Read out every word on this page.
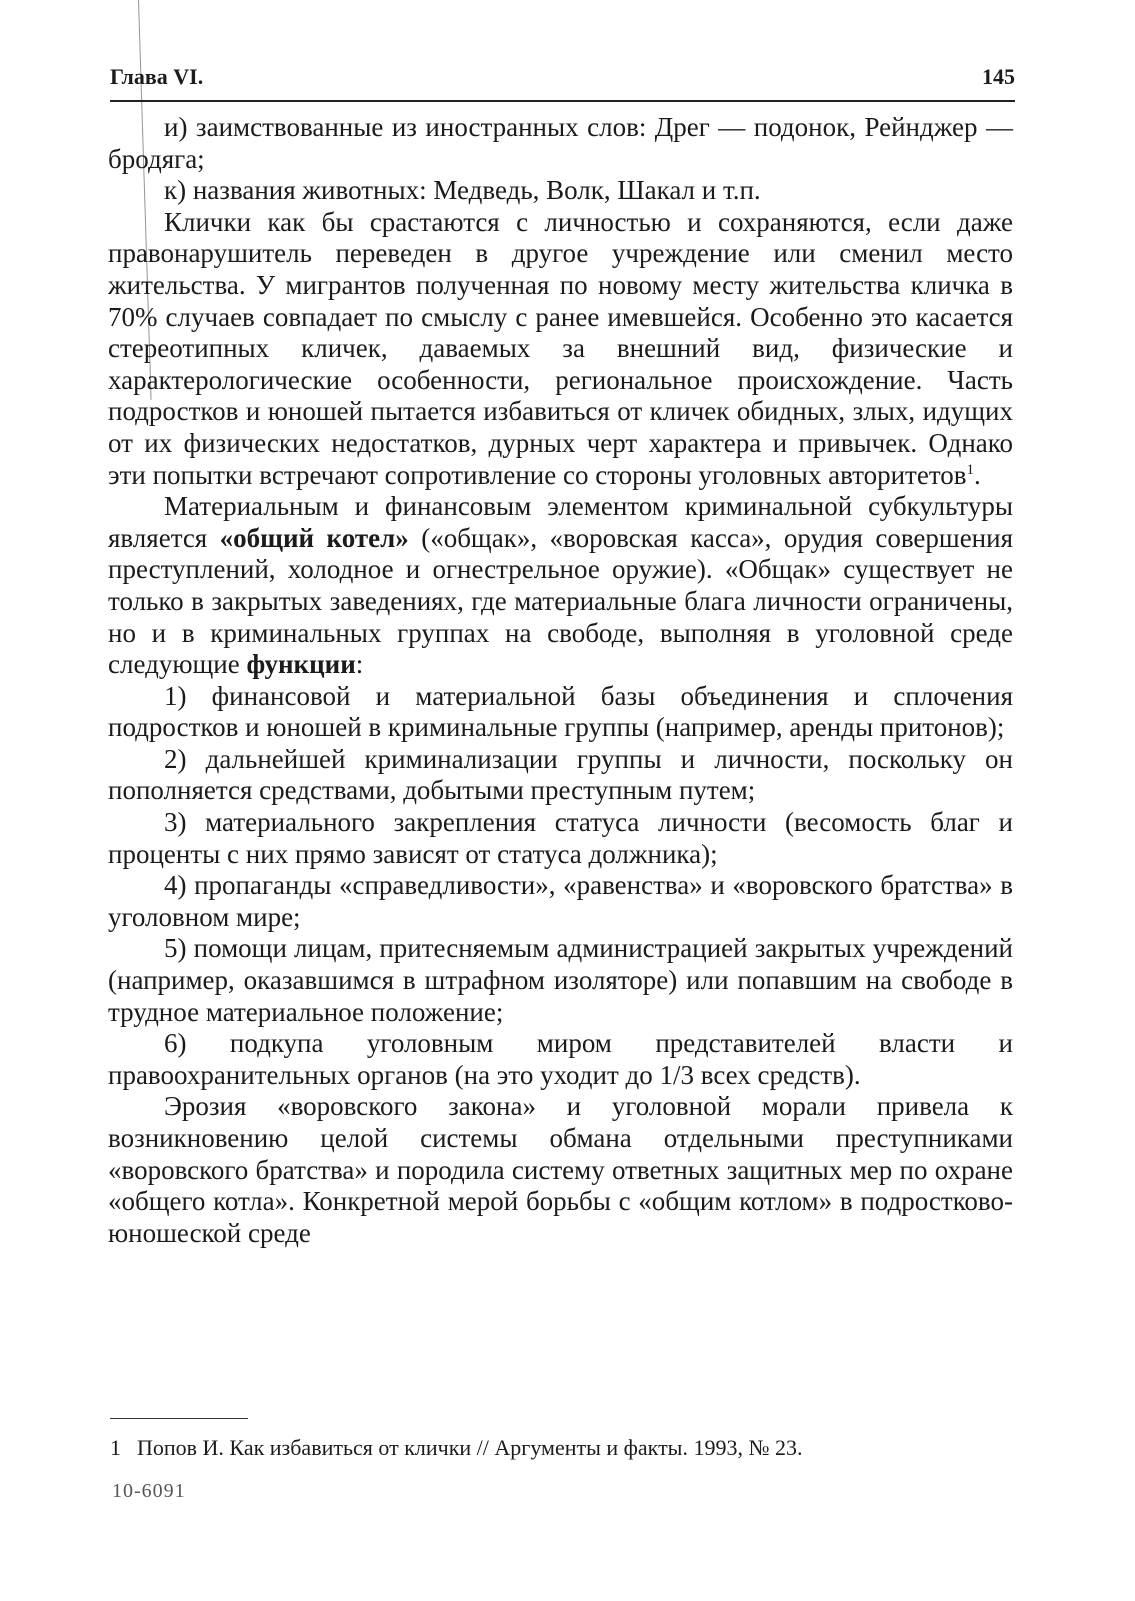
Глава VI.	145

и) заимствованные из иностранных слов: Дрег — подонок, Рейнджер — бродяга;

к) названия животных: Медведь, Волк, Шакал и т.п.

Клички как бы срастаются с личностью и сохраняются, если даже правонарушитель переведен в другое учреждение или сменил место жительства. У мигрантов полученная по новому месту жительства кличка в 70% случаев совпадает по смыслу с ранее имевшейся. Особенно это касается стереотипных кличек, даваемых за внешний вид, физические и характерологические особенности, региональное происхождение. Часть подростков и юношей пытается избавиться от кличек обидных, злых, идущих от их физических недостатков, дурных черт характера и привычек. Однако эти попытки встречают сопротивление со стороны уголовных авторитетов$^1$.

Материальным и финансовым элементом криминальной субкультуры является «общий котел» («общак», «воровская касса», орудия совершения преступлений, холодное и огнестрельное оружие). «Общак» существует не только в закрытых заведениях, где материальные блага личности ограничены, но и в криминальных группах на свободе, выполняя в уголовной среде следующие функции:

1) финансовой и материальной базы объединения и сплочения подростков и юношей в криминальные группы (например, аренды притонов);

2) дальнейшей криминализации группы и личности, поскольку он пополняется средствами, добытыми преступным путем;

3) материального закрепления статуса личности (весомость благ и проценты с них прямо зависят от статуса должника);

4) пропаганды «справедливости», «равенства» и «воровского братства» в уголовном мире;

5) помощи лицам, притесняемым администрацией закрытых учреждений (например, оказавшимся в штрафном изоляторе) или попавшим на свободе в трудное материальное положение;

6) подкупа уголовным миром представителей власти и правоохранительных органов (на это уходит до 1/3 всех средств).

Эрозия «воровского закона» и уголовной морали привела к возникновению целой системы обмана отдельными преступниками «воровского братства» и породила систему ответных защитных мер по охране «общего котла». Конкретной мерой борьбы с «общим котлом» в подростково-юношеской среде

1 Попов И. Как избавиться от клички // Аргументы и факты. 1993, № 23.
10-6091
